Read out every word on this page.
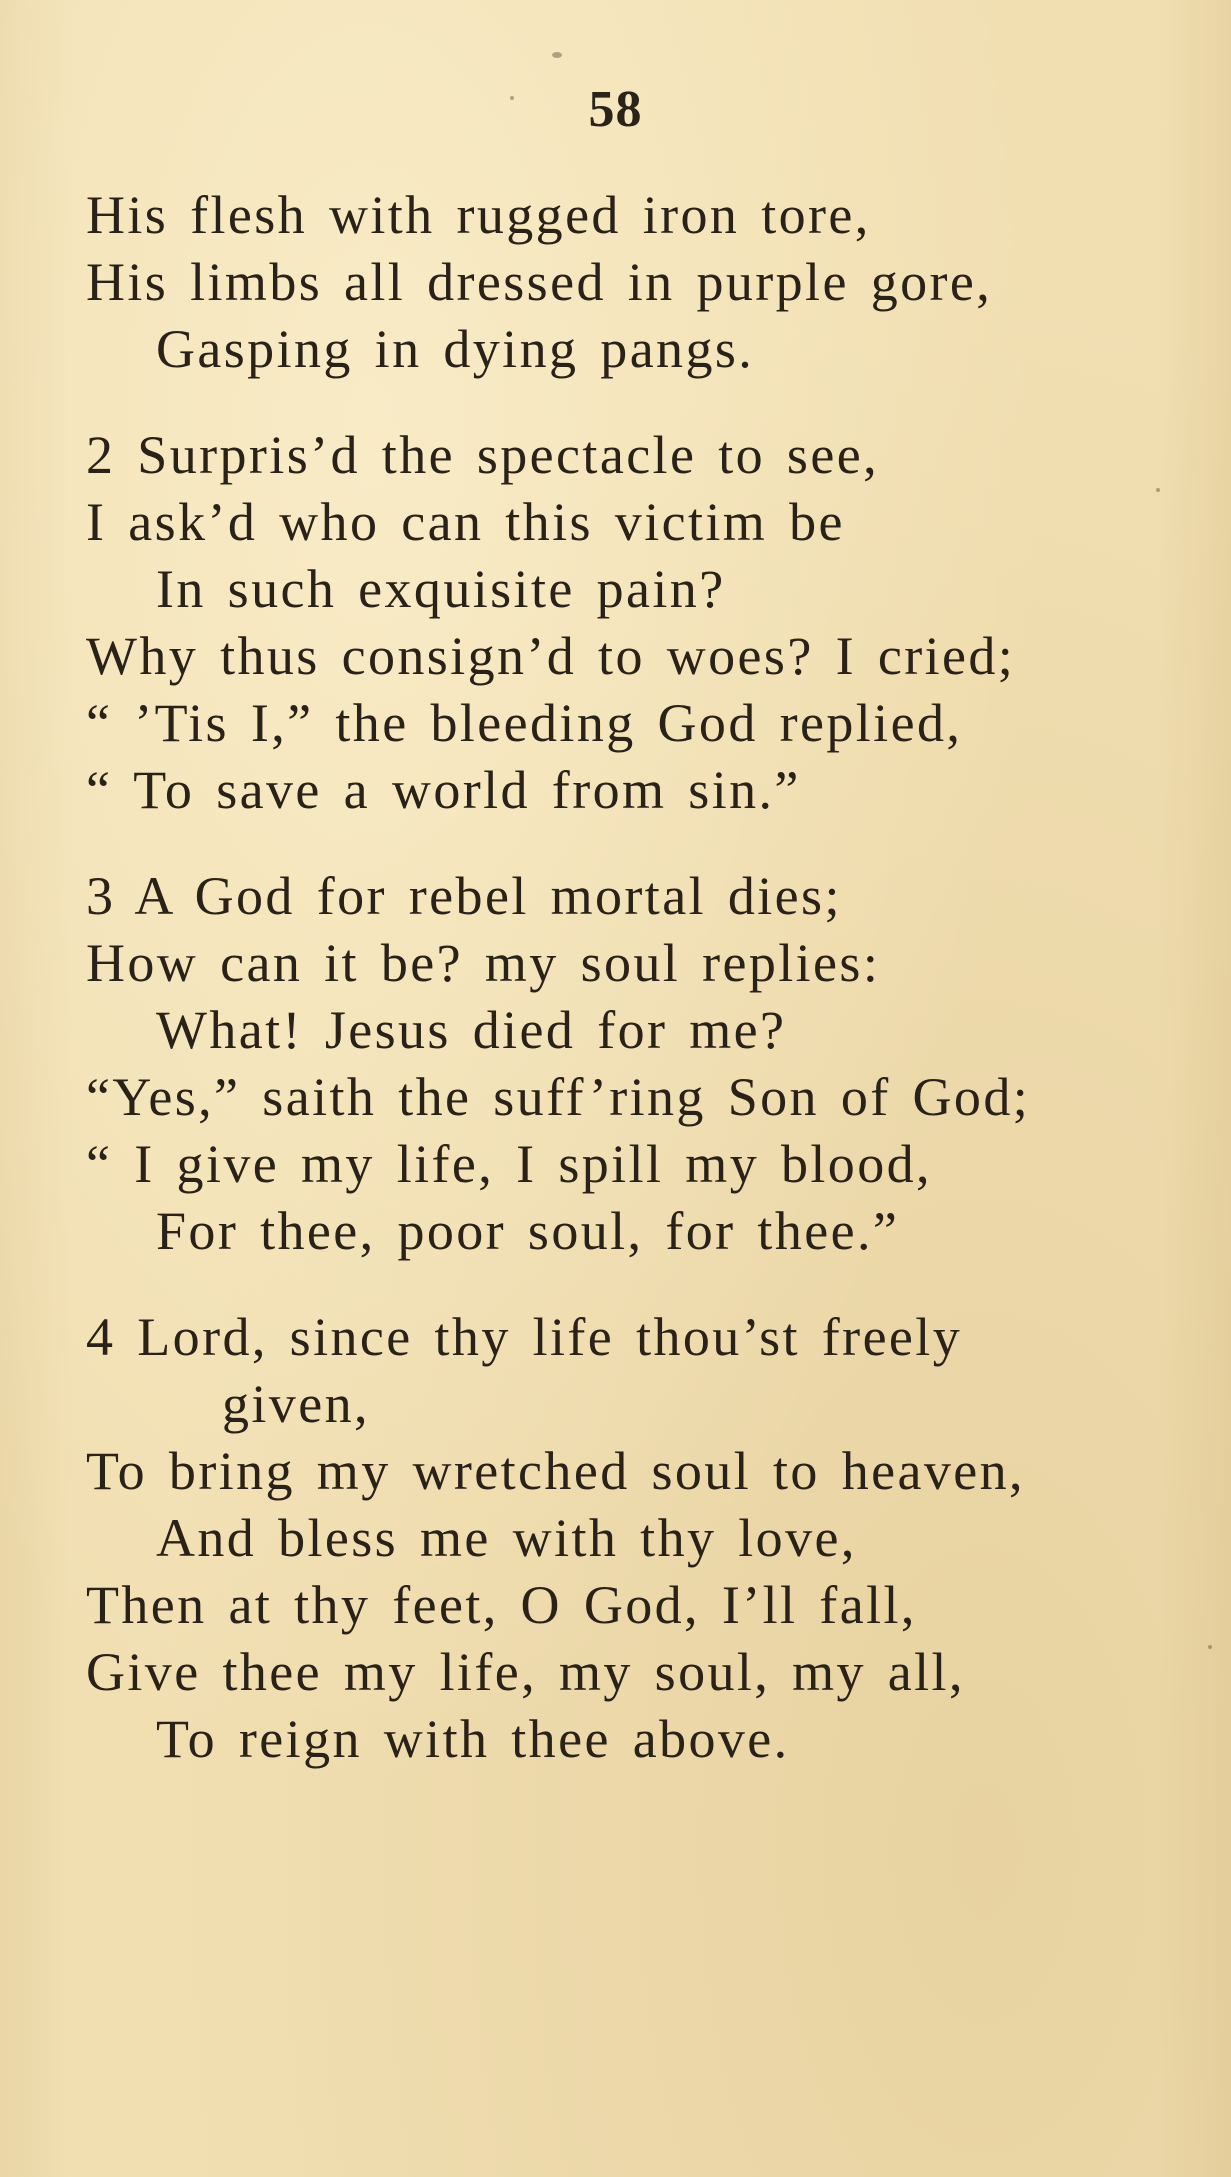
58
His flesh with rugged iron tore,
His limbs all dressed in purple gore,
Gasping in dying pangs.
2 Surpris’d the spectacle to see,
I ask’d who can this victim be
In such exquisite pain?
Why thus consign’d to woes? I cried;
“ ’Tis I,” the bleeding God replied,
“ To save a world from sin.”
3 A God for rebel mortal dies;
How can it be? my soul replies:
What! Jesus died for me?
“Yes,” saith the suff’ring Son of God;
“ I give my life, I spill my blood,
For thee, poor soul, for thee.”
4 Lord, since thy life thou’st freely
given,
To bring my wretched soul to heaven,
And bless me with thy love,
Then at thy feet, O God, I’ll fall,
Give thee my life, my soul, my all,
To reign with thee above.
